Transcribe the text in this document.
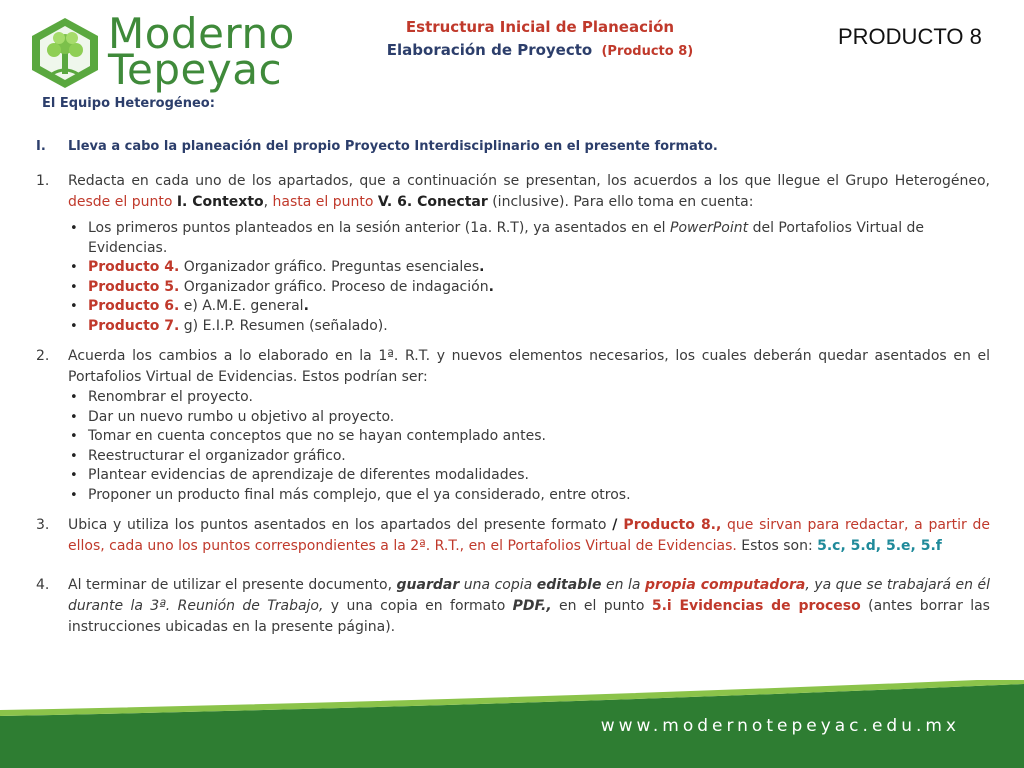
Moderno
Tepeyac
Estructura Inicial de Planeación
Elaboración de Proyecto (Producto 8)
PRODUCTO 8
El Equipo Heterogéneo:
I.	Lleva a cabo la planeación del propio Proyecto Interdisciplinario en el presente formato.
1.	Redacta en cada uno de los apartados, que a continuación se presentan, los acuerdos a los que llegue el Grupo Heterogéneo, desde el punto I. Contexto, hasta el punto V. 6. Conectar (inclusive). Para ello toma en cuenta:
• Los primeros puntos planteados en la sesión anterior (1a. R.T), ya asentados en el PowerPoint del Portafolios Virtual de Evidencias.
• Producto 4. Organizador gráfico. Preguntas esenciales.
• Producto 5. Organizador gráfico. Proceso de indagación.
• Producto 6. e) A.M.E. general.
• Producto 7. g) E.I.P. Resumen (señalado).
2.	Acuerda los cambios a lo elaborado en la 1ª. R.T. y nuevos elementos necesarios, los cuales deberán quedar asentados en el Portafolios Virtual de Evidencias. Estos podrían ser:
• Renombrar el proyecto.
• Dar un nuevo rumbo u objetivo al proyecto.
• Tomar en cuenta conceptos que no se hayan contemplado antes.
• Reestructurar el organizador gráfico.
• Plantear evidencias de aprendizaje de diferentes modalidades.
• Proponer un producto final más complejo, que el ya considerado, entre otros.
3.	Ubica y utiliza los puntos asentados en los apartados del presente formato / Producto 8., que sirvan para redactar, a partir de ellos, cada uno los puntos correspondientes a la 2ª. R.T., en el Portafolios Virtual de Evidencias. Estos son: 5.c, 5.d, 5.e, 5.f
4.	Al terminar de utilizar el presente documento, guardar una copia editable en la propia computadora, ya que se trabajará en él durante la 3ª. Reunión de Trabajo, y una copia en formato PDF., en el punto 5.i Evidencias de proceso (antes borrar las instrucciones ubicadas en la presente página).
www.modernotepeyac.edu.mx
